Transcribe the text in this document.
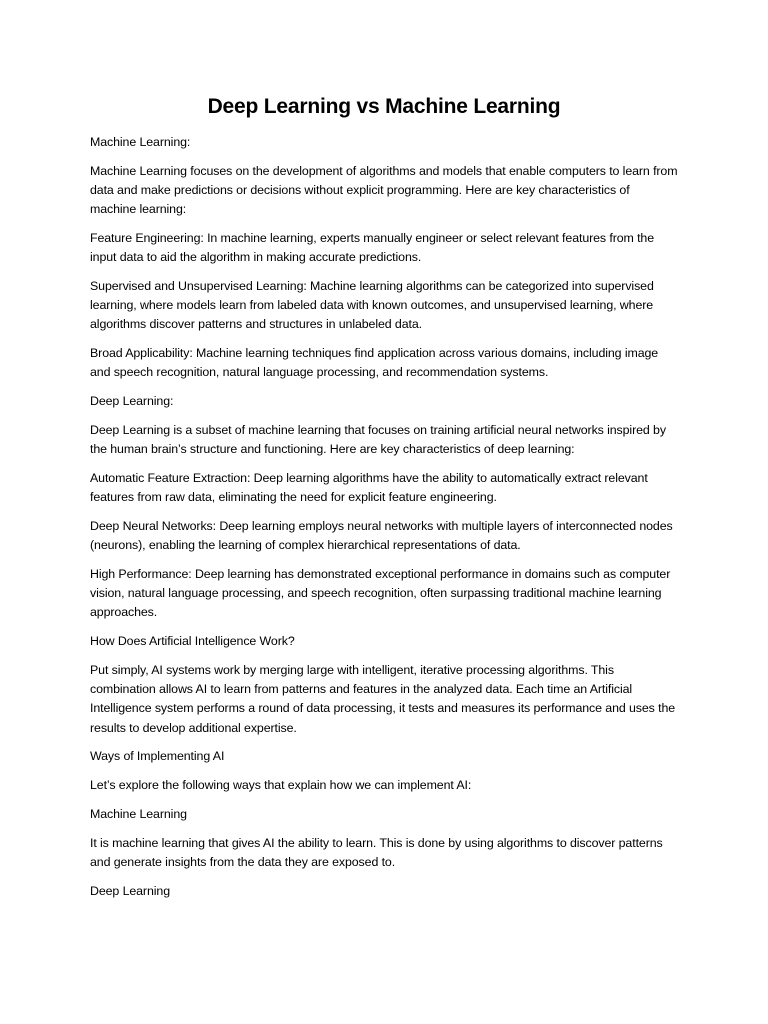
Deep Learning vs Machine Learning

Machine Learning:

Machine Learning focuses on the development of algorithms and models that enable computers to learn from data and make predictions or decisions without explicit programming. Here are key characteristics of machine learning:

Feature Engineering: In machine learning, experts manually engineer or select relevant features from the input data to aid the algorithm in making accurate predictions.

Supervised and Unsupervised Learning: Machine learning algorithms can be categorized into supervised learning, where models learn from labeled data with known outcomes, and unsupervised learning, where algorithms discover patterns and structures in unlabeled data.

Broad Applicability: Machine learning techniques find application across various domains, including image and speech recognition, natural language processing, and recommendation systems.

Deep Learning:

Deep Learning is a subset of machine learning that focuses on training artificial neural networks inspired by the human brain’s structure and functioning. Here are key characteristics of deep learning:

Automatic Feature Extraction: Deep learning algorithms have the ability to automatically extract relevant features from raw data, eliminating the need for explicit feature engineering.

Deep Neural Networks: Deep learning employs neural networks with multiple layers of interconnected nodes (neurons), enabling the learning of complex hierarchical representations of data.

High Performance: Deep learning has demonstrated exceptional performance in domains such as computer vision, natural language processing, and speech recognition, often surpassing traditional machine learning approaches.

How Does Artificial Intelligence Work?

Put simply, AI systems work by merging large with intelligent, iterative processing algorithms. This combination allows AI to learn from patterns and features in the analyzed data. Each time an Artificial Intelligence system performs a round of data processing, it tests and measures its performance and uses the results to develop additional expertise.

Ways of Implementing AI

Let’s explore the following ways that explain how we can implement AI:

Machine Learning

It is machine learning that gives AI the ability to learn. This is done by using algorithms to discover patterns and generate insights from the data they are exposed to.

Deep Learning
